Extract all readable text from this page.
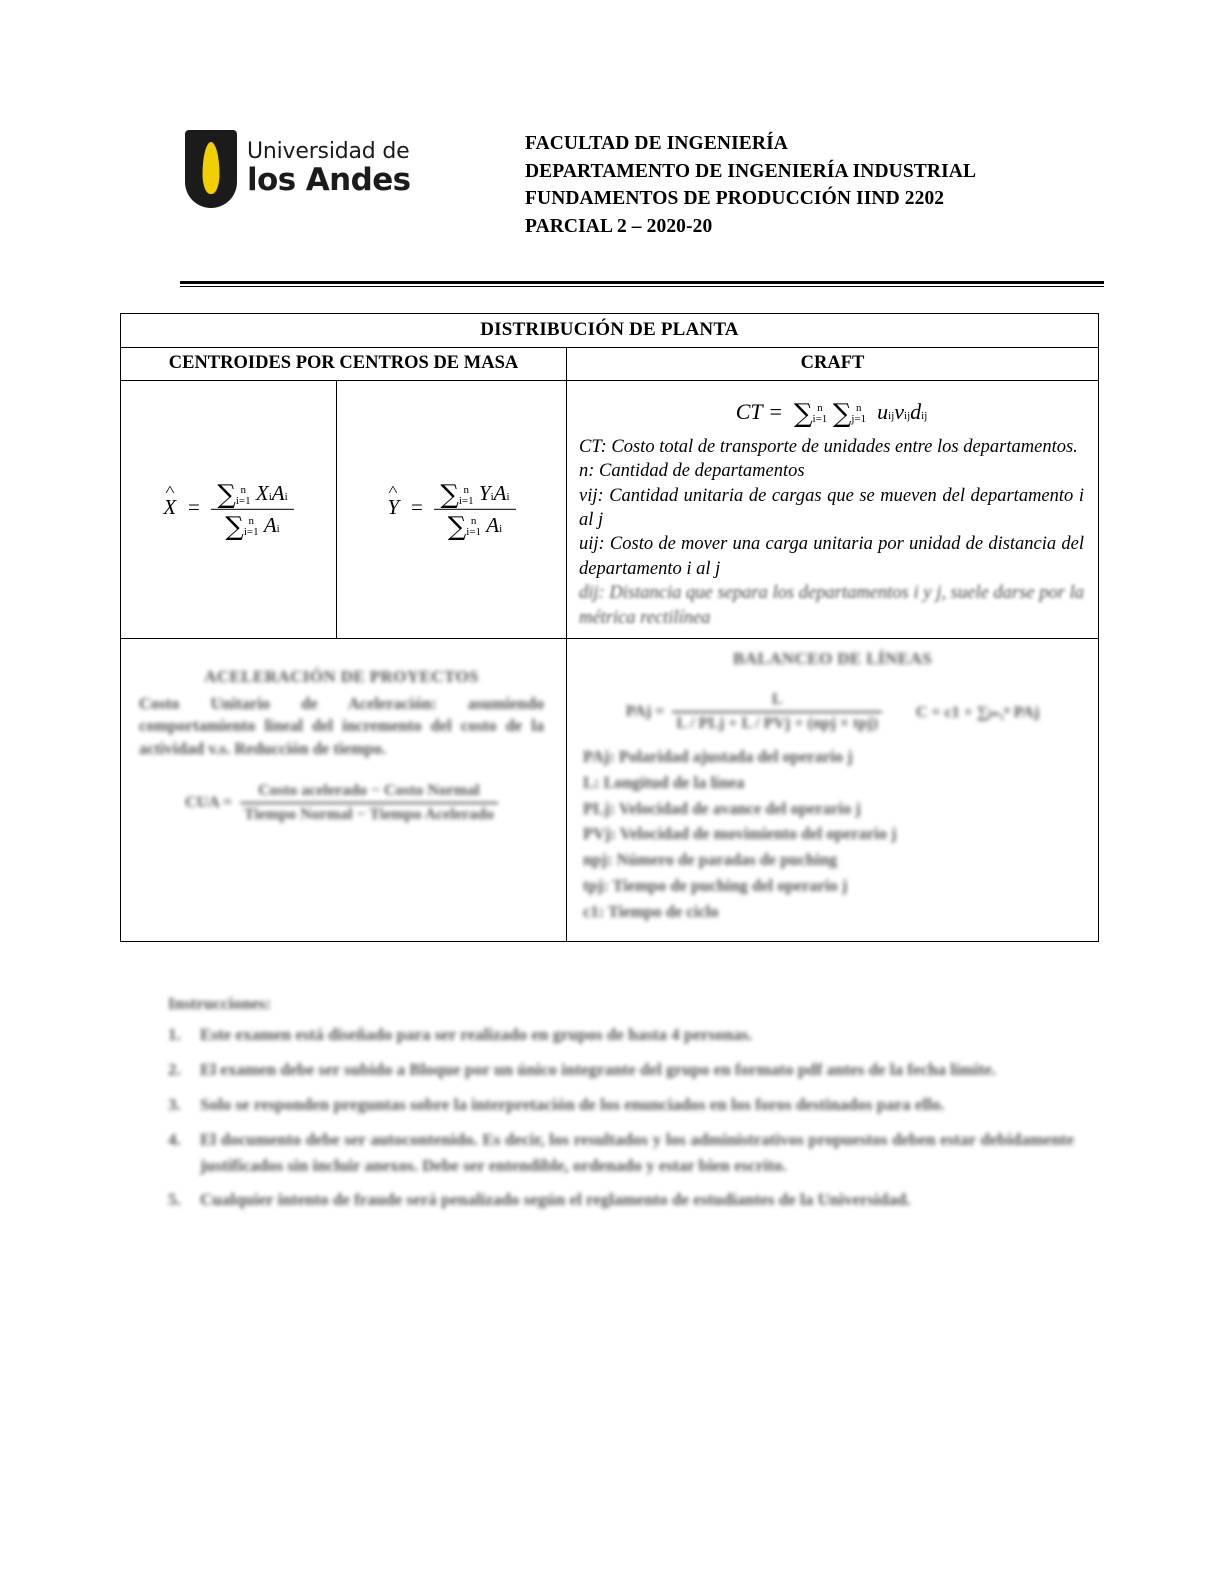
Universidad de
los Andes
FACULTAD DE INGENIERÍA
DEPARTAMENTO DE INGENIERÍA INDUSTRIAL
FUNDAMENTOS DE PRODUCCIÓN IIND 2202
PARCIAL 2 – 2020-20
DISTRIBUCIÓN DE PLANTA
CENTROIDES POR CENTROS DE MASA	CRAFT
X ^  = ∑ n
i=1 XiAi
∑ n
i=1 Ai	Y ^  = ∑ n
i=1 YiAi
∑ n
i=1 Ai
CT =  ∑ n
i=1 ∑ n
j=1 uijvijdij
CT: Costo total de transporte de unidades entre los departamentos.
n: Cantidad de departamentos
vij: Cantidad unitaria de cargas que se mueven del departamento i al j
uij: Costo de mover una carga unitaria por unidad de distancia del departamento i al j
dij: Distancia que separa los departamentos i y j, suele darse por la métrica rectilínea
ACELERACIÓN DE PROYECTOS
Costo Unitario de Aceleración: asumiendo comportamiento lineal del incremento del costo de la actividad v.s. Reducción de tiempo.
CUA = $\frac{\text{Costo acelerado − Costo Normal}}{\text{Tiempo Normal − Tiempo Acelerado}}$
BALANCEO DE LÍNEAS
PAj = $\frac{L}{\text{L / PLj + L / PVj + (npj × tpj)}}$ C = c1 + ∑ⱼ₌₁ⁿ PAj
PAj: Polaridad ajustada del operario j
L: Longitud de la línea
PLj: Velocidad de avance del operario j
PVj: Velocidad de movimiento del operario j
npj: Número de paradas de puching
tpj: Tiempo de puching del operario j
c1: Tiempo de ciclo
Instrucciones:
1. Este examen está diseñado para ser realizado en grupos de hasta 4 personas.
2. El examen debe ser subido a Bloque por un único integrante del grupo en formato pdf antes de la fecha límite.
3. Solo se responden preguntas sobre la interpretación de los enunciados en los foros destinados para ello.
4. El documento debe ser autocontenido. Es decir, los resultados y los administrativos propuestos deben estar debidamente justificados sin incluir anexos. Debe ser entendible, ordenado y estar bien escrito.
5. Cualquier intento de fraude será penalizado según el reglamento de estudiantes de la Universidad.
